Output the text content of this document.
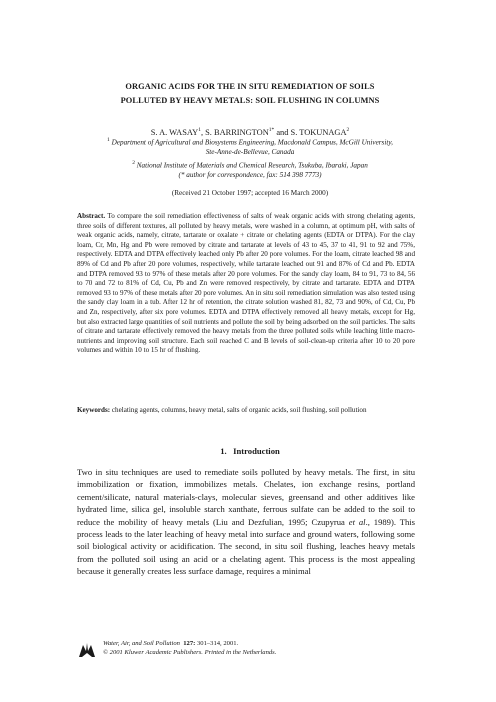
ORGANIC ACIDS FOR THE IN SITU REMEDIATION OF SOILS
POLLUTED BY HEAVY METALS: SOIL FLUSHING IN COLUMNS
S. A. WASAY$^1$, S. $BARRINGTON^{1*}$ and S. TOKUNAGA$^2$
$^1$ Department of Agricultural and Biosystems Engineering, Macdonald Campus, McGill University,
Ste-Anne-de-Bellevue, Canada
$^2$ National Institute of Materials and Chemical Research, Tsukuba, Ibaraki, Japan
(* author for correspondence, fax: 514 398 7773)
(Received 21 October 1997; accepted 16 March 2000)
Abstract. To compare the soil remediation effectiveness of salts of weak organic acids with strong chelating agents, three soils of different textures, all polluted by heavy metals, were washed in a column, at optimum pH, with salts of weak organic acids, namely, citrate, tartarate or oxalate + citrate or chelating agents (EDTA or DTPA). For the clay loam, Cr, Mn, Hg and Pb were removed by citrate and tartarate at levels of 43 to 45, 37 to 41, 91 to 92 and 75%, respectively. EDTA and DTPA effectively leached only Pb after 20 pore volumes. For the loam, citrate leached 98 and 89% of Cd and Pb after 20 pore volumes, respectively, while tartarate leached out 91 and 87% of Cd and Pb. EDTA and DTPA removed 93 to 97% of these metals after 20 pore volumes. For the sandy clay loam, 84 to 91, 73 to 84, 56 to 70 and 72 to 81% of Cd, Cu, Pb and Zn were removed respectively, by citrate and tartarate. EDTA and DTPA removed 93 to 97% of these metals after 20 pore volumes. An in situ soil remediation simulation was also tested using the sandy clay loam in a tub. After 12 hr of retention, the citrate solution washed 81, 82, 73 and 90%, of Cd, Cu, Pb and Zn, respectively, after six pore volumes. EDTA and DTPA effectively removed all heavy metals, except for Hg, but also extracted large quantities of soil nutrients and pollute the soil by being adsorbed on the soil particles. The salts of citrate and tartarate effectively removed the heavy metals from the three polluted soils while leaching little macro-nutrients and improving soil structure. Each soil reached C and B levels of soil-clean-up criteria after 10 to 20 pore volumes and within 10 to 15 hr of flushing.
Keywords: chelating agents, columns, heavy metal, salts of organic acids, soil flushing, soil pollution
1. Introduction
Two in situ techniques are used to remediate soils polluted by heavy metals. The first, in situ immobilization or fixation, immobilizes metals. Chelates, ion exchange resins, portland cement/silicate, natural materials-clays, molecular sieves, greensand and other additives like hydrated lime, silica gel, insoluble starch xanthate, ferrous sulfate can be added to the soil to reduce the mobility of heavy metals (Liu and Dezfulian, 1995; Czupyrua et al., 1989). This process leads to the later leaching of heavy metal into surface and ground waters, following some soil biological activity or acidification. The second, in situ soil flushing, leaches heavy metals from the polluted soil using an acid or a chelating agent. This process is the most appealing because it generally creates less surface damage, requires a minimal
Water, Air, and Soil Pollution 127: 301–314, 2001.
© 2001 Kluwer Academic Publishers. Printed in the Netherlands.
